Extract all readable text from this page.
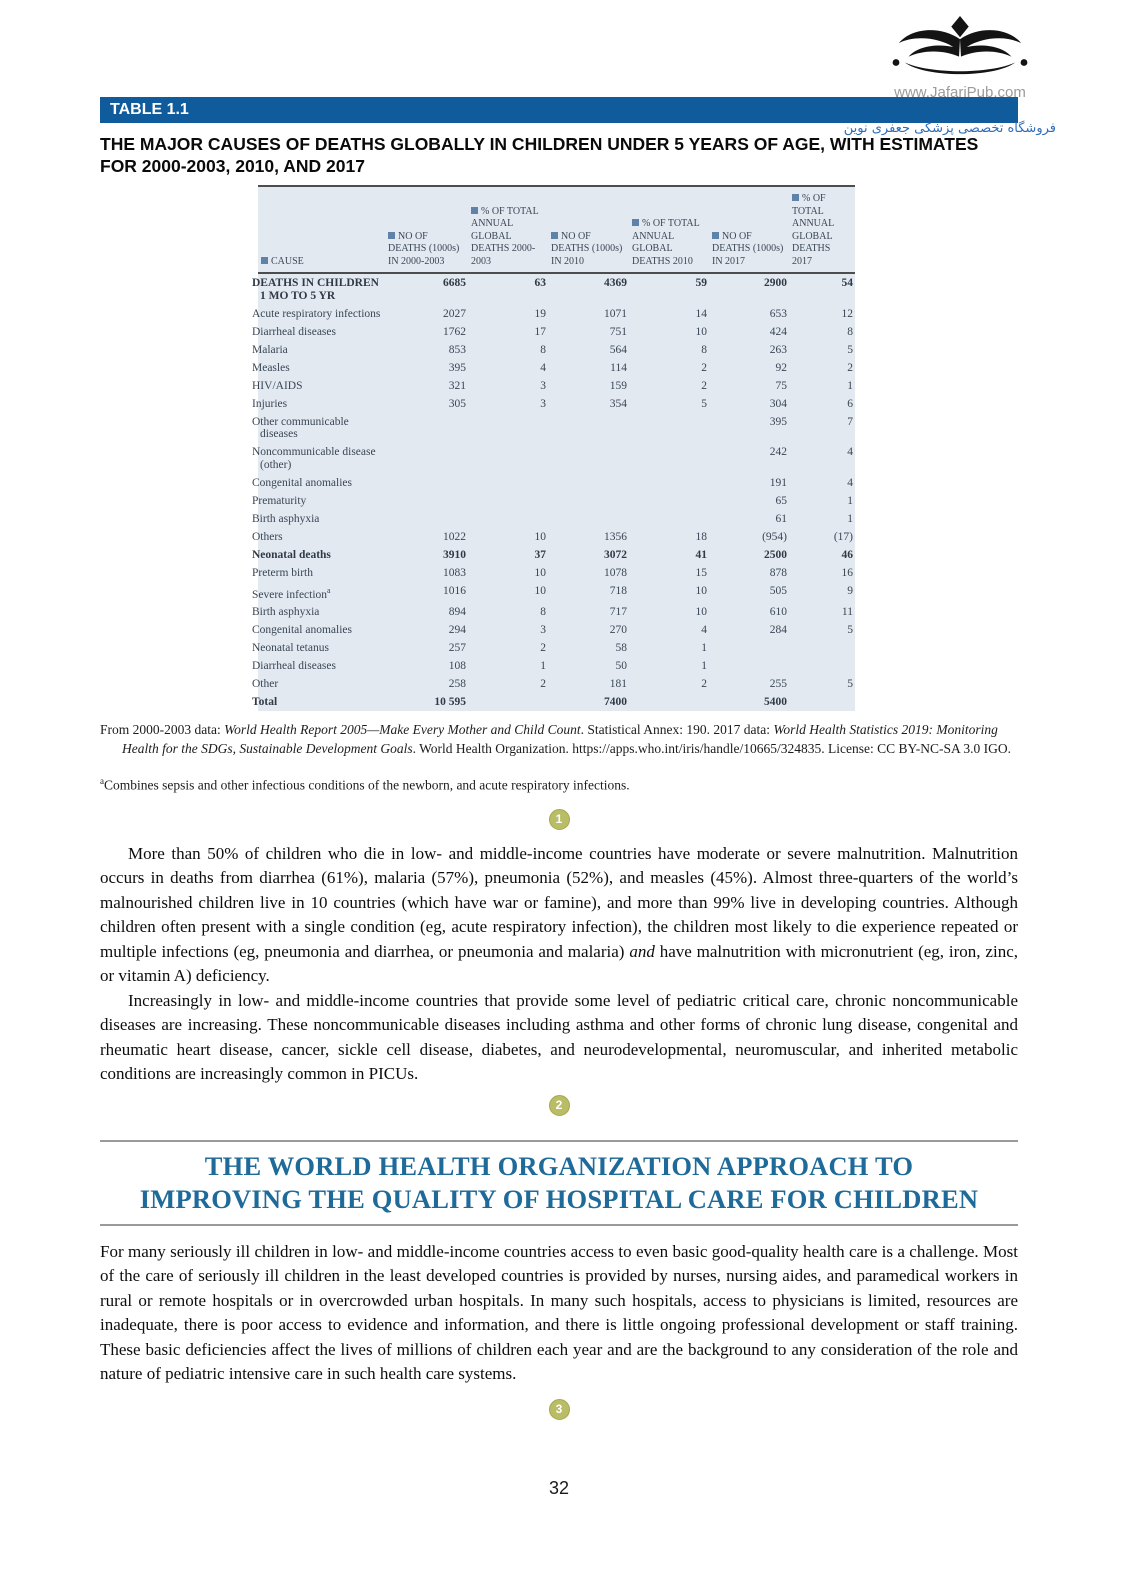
www.JafariPub.com
فروشگاه تخصصی پزشکی جعفری نوین
TABLE 1.1
THE MAJOR CAUSES OF DEATHS GLOBALLY IN CHILDREN UNDER 5 YEARS OF AGE, WITH ESTIMATES FOR 2000-2003, 2010, AND 2017
CAUSE	NO OF DEATHS (1000s) IN 2000-2003	% OF TOTAL ANNUAL GLOBAL DEATHS 2000-2003	NO OF DEATHS (1000s) IN 2010	% OF TOTAL ANNUAL GLOBAL DEATHS 2010	NO OF DEATHS (1000s) IN 2017	% OF TOTAL ANNUAL GLOBAL DEATHS 2017
DEATHS IN CHILDREN 1 MO TO 5 YR	6685	63	4369	59	2900	54
Acute respiratory infections	2027	19	1071	14	653	12
Diarrheal diseases	1762	17	751	10	424	8
Malaria	853	8	564	8	263	5
Measles	395	4	114	2	92	2
HIV/AIDS	321	3	159	2	75	1
Injuries	305	3	354	5	304	6
Other communicable diseases					395	7
Noncommunicable disease (other)					242	4
Congenital anomalies					191	4
Prematurity					65	1
Birth asphyxia					61	1
Others	1022	10	1356	18	(954)	(17)
Neonatal deaths	3910	37	3072	41	2500	46
Preterm birth	1083	10	1078	15	878	16
Severe infection$^a$	1016	10	718	10	505	9
Birth asphyxia	894	8	717	10	610	11
Congenital anomalies	294	3	270	4	284	5
Neonatal tetanus	257	2	58	1		
Diarrheal diseases	108	1	50	1		
Other	258	2	181	2	255	5
Total	10 595		7400		5400	

From 2000-2003 data: World Health Report 2005—Make Every Mother and Child Count. Statistical Annex: 190. 2017 data: World Health Statistics 2019: Monitoring Health for the SDGs, Sustainable Development Goals. World Health Organization. https://apps.who.int/iris/handle/10665/324835. License: CC BY-NC-SA 3.0 IGO.

$^a$Combines sepsis and other infectious conditions of the newborn, and acute respiratory infections.

1

More than 50% of children who die in low- and middle-income countries have moderate or severe malnutrition. Malnutrition occurs in deaths from diarrhea (61%), malaria (57%), pneumonia (52%), and measles (45%). Almost three-quarters of the world’s malnourished children live in 10 countries (which have war or famine), and more than 99% live in developing countries. Although children often present with a single condition (eg, acute respiratory infection), the children most likely to die experience repeated or multiple infections (eg, pneumonia and diarrhea, or pneumonia and malaria) and have malnutrition with micronutrient (eg, iron, zinc, or vitamin A) deficiency.

Increasingly in low- and middle-income countries that provide some level of pediatric critical care, chronic noncommunicable diseases are increasing. These noncommunicable diseases including asthma and other forms of chronic lung disease, congenital and rheumatic heart disease, cancer, sickle cell disease, diabetes, and neurodevelopmental, neuromuscular, and inherited metabolic conditions are increasingly common in PICUs.

2
THE WORLD HEALTH ORGANIZATION APPROACH TO
IMPROVING THE QUALITY OF HOSPITAL CARE FOR CHILDREN

For many seriously ill children in low- and middle-income countries access to even basic good-quality health care is a challenge. Most of the care of seriously ill children in the least developed countries is provided by nurses, nursing aides, and paramedical workers in rural or remote hospitals or in overcrowded urban hospitals. In many such hospitals, access to physicians is limited, resources are inadequate, there is poor access to evidence and information, and there is little ongoing professional development or staff training. These basic deficiencies affect the lives of millions of children each year and are the background to any consideration of the role and nature of pediatric intensive care in such health care systems.

3
32
